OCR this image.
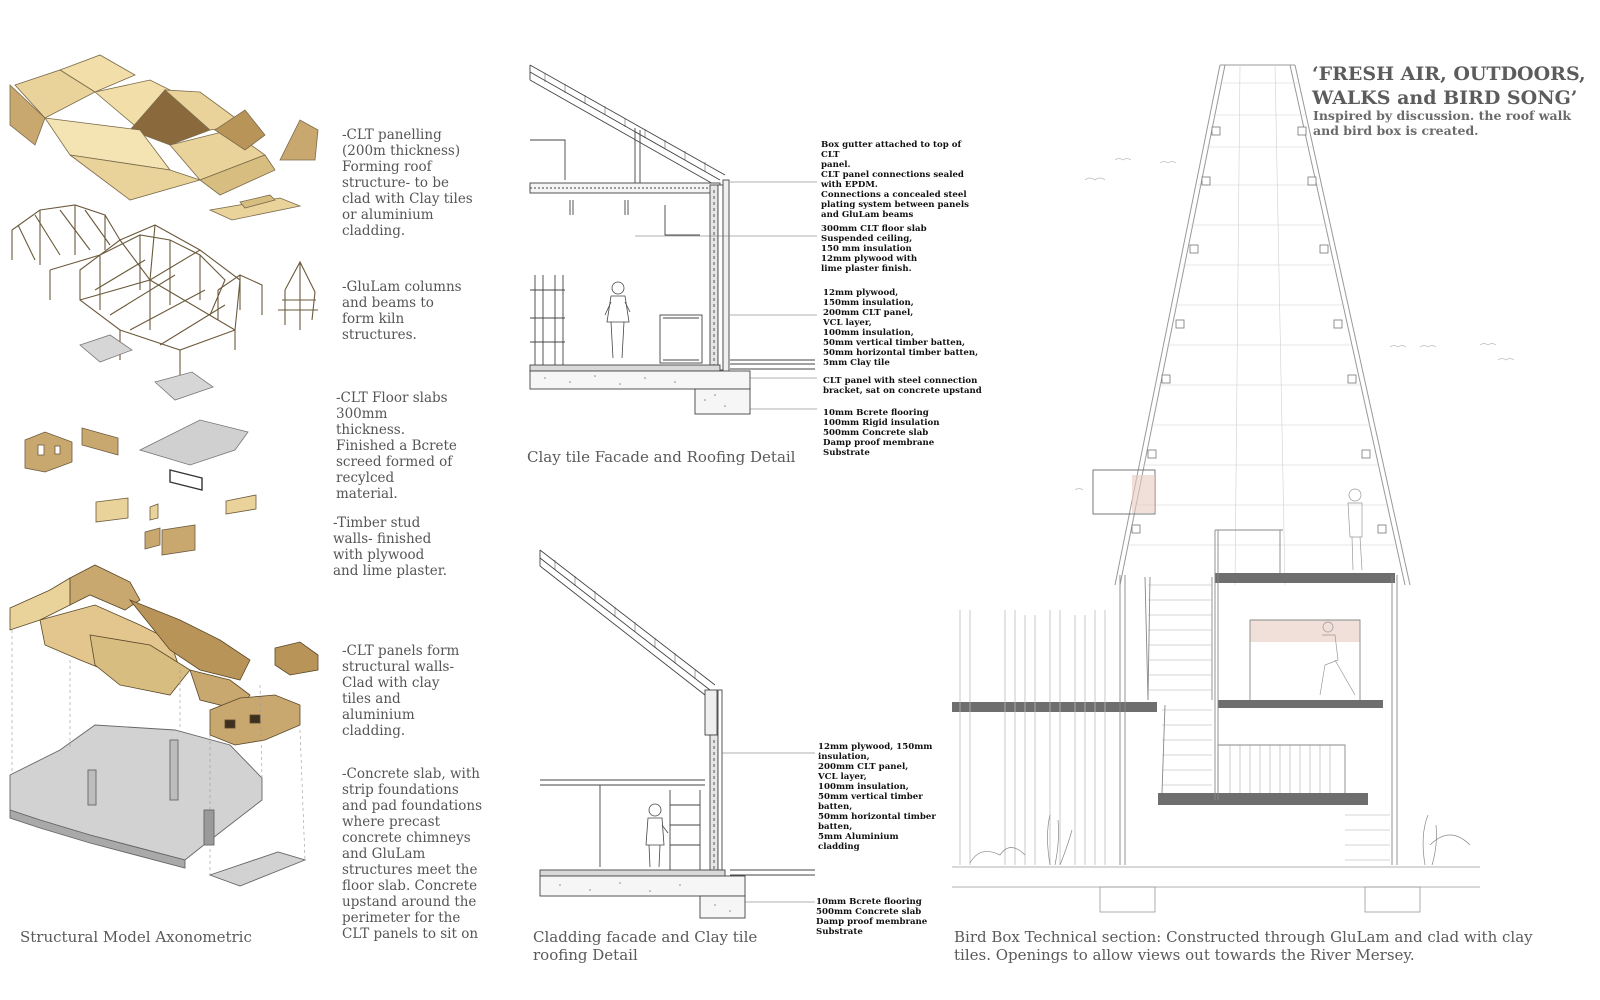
-CLT panelling
(200m thickness)
Forming roof
structure- to be
clad with Clay tiles
or aluminium
cladding.
-GluLam columns
and beams to
form kiln
structures.
-CLT Floor slabs
300mm
thickness.
Finished a Bcrete
screed formed of
recylced
material.
-Timber stud
walls- finished
with plywood
and lime plaster.
-CLT panels form
structural walls-
Clad with clay
tiles and
aluminium
cladding.
-Concrete slab, with
strip foundations
and pad foundations
where precast
concrete chimneys
and GluLam
structures meet the
floor slab. Concrete
upstand around the
perimeter for the
CLT panels to sit on
Structural Model Axonometric
Box gutter attached to top of CLT
panel.
CLT panel connections sealed
with EPDM.
Connections a concealed steel
plating system between panels
and GluLam beams
300mm CLT floor slab
Suspended ceiling,
150 mm insulation
12mm plywood with
lime plaster finish.
12mm plywood,
150mm insulation,
200mm CLT panel,
VCL layer,
100mm insulation,
50mm vertical timber batten,
50mm horizontal timber batten,
5mm Clay tile
CLT panel with steel connection
bracket, sat on concrete upstand
10mm Bcrete flooring
100mm Rigid insulation
500mm Concrete slab
Damp proof membrane
Substrate
Clay tile Facade and Roofing Detail
12mm plywood, 150mm
insulation,
200mm CLT panel,
VCL layer,
100mm insulation,
50mm vertical timber
batten,
50mm horizontal timber
batten,
5mm Aluminium
cladding
10mm Bcrete flooring
500mm Concrete slab
Damp proof membrane
Substrate
Cladding facade and Clay tile
roofing Detail
‘FRESH AIR, OUTDOORS,
WALKS and BIRD SONG’
Inspired by discussion. the roof walk
and bird box is created.
Bird Box Technical section: Constructed through GluLam and clad with clay
tiles. Openings to allow views out towards the River Mersey.
